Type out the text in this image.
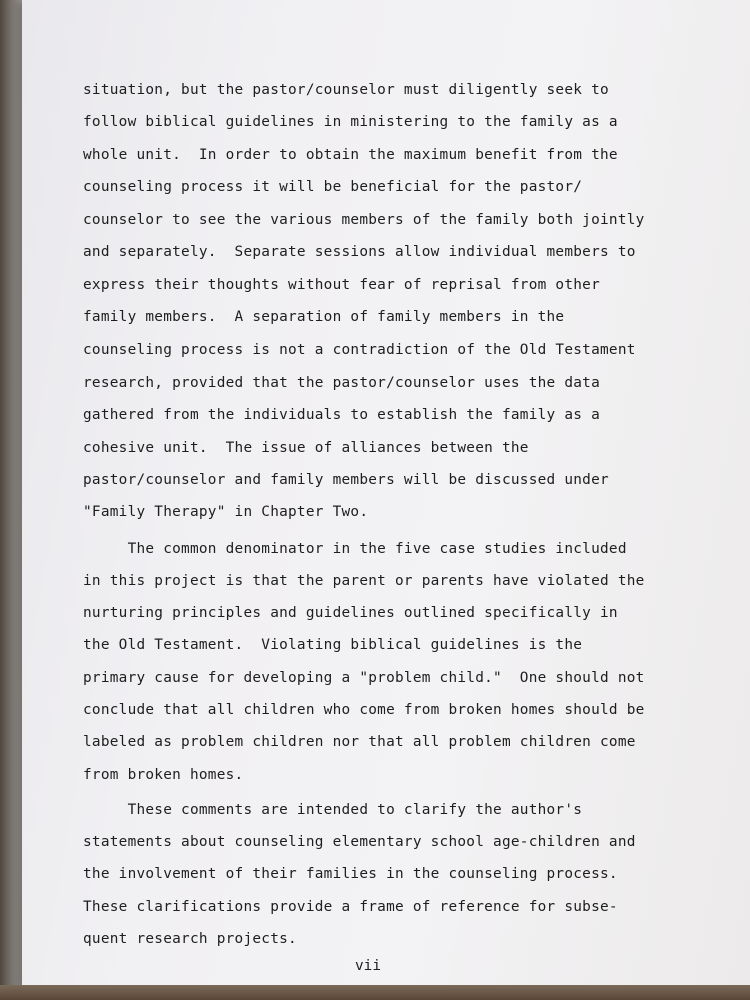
situation, but the pastor/counselor must diligently seek to
follow biblical guidelines in ministering to the family as a
whole unit.  In order to obtain the maximum benefit from the
counseling process it will be beneficial for the pastor/
counselor to see the various members of the family both jointly
and separately.  Separate sessions allow individual members to
express their thoughts without fear of reprisal from other
family members.  A separation of family members in the
counseling process is not a contradiction of the Old Testament
research, provided that the pastor/counselor uses the data
gathered from the individuals to establish the family as a
cohesive unit.  The issue of alliances between the
pastor/counselor and family members will be discussed under
"Family Therapy" in Chapter Two.
The common denominator in the five case studies included
in this project is that the parent or parents have violated the
nurturing principles and guidelines outlined specifically in
the Old Testament.  Violating biblical guidelines is the
primary cause for developing a "problem child."  One should not
conclude that all children who come from broken homes should be
labeled as problem children nor that all problem children come
from broken homes.
These comments are intended to clarify the author's
statements about counseling elementary school age-children and
the involvement of their families in the counseling process.
These clarifications provide a frame of reference for subse-
quent research projects.
vii
